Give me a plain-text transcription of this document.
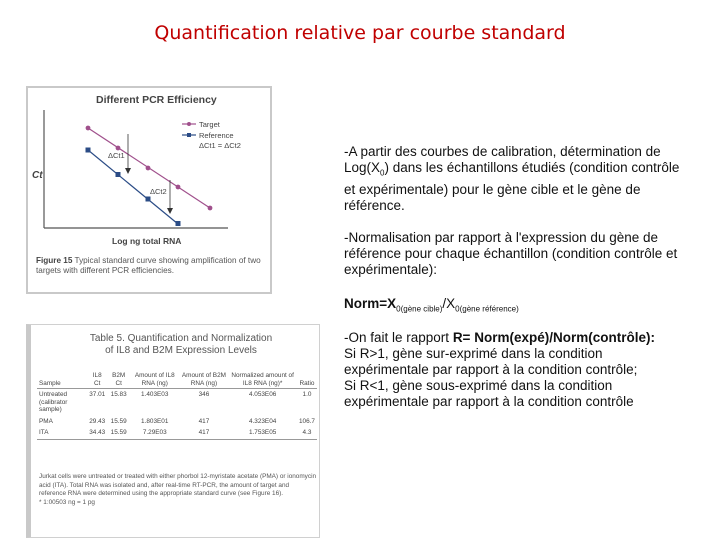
Quantification relative par courbe standard
Different PCR Efficiency
Ct
ΔCt1
ΔCt2
Target
Reference
ΔCt1 = ΔCt2
Log ng total RNA
Figure 15 Typical standard curve showing amplification of two targets with different PCR efficiencies.
Table 5. Quantification and Normalization
of IL8 and B2M Expression Levels
Sample	IL8 Ct	B2M Ct	Amount of IL8 RNA (ng)	Amount of B2M RNA (ng)	Normalized amount of IL8 RNA (ng)*	Ratio
Untreated (calibrator sample)	37.01	15.83	1.403E03	346	4.053E06	1.0
PMA	29.43	15.59	1.803E01	417	4.323E04	106.7
ITA	34.43	15.59	7.29E03	417	1.753E05	4.3
Jurkat cells were untreated or treated with either phorbol 12-myristate acetate (PMA) or ionomycin acid (ITA). Total RNA was isolated and, after real-time RT-PCR, the amount of target and reference RNA were determined using the appropriate standard curve (see Figure 16).
* 1:00503 ng = 1 pg
-A partir des courbes de calibration, détermination de $Log(X_0)$ dans les échantillons étudiés (condition contrôle et expérimentale) pour le gène cible et le gène de référence.
-Normalisation par rapport à l'expression du gène de référence pour chaque échantillon (condition contrôle et expérimentale):
$Norm=X_{0(gène cible)}/X_{0(gène référence)}$
-On fait le rapport R= Norm(expé)/Norm(contrôle):
Si R>1, gène sur-exprimé dans la condition expérimentale par rapport à la condition contrôle;
Si R<1, gène sous-exprimé dans la condition expérimentale par rapport à la condition contrôle
